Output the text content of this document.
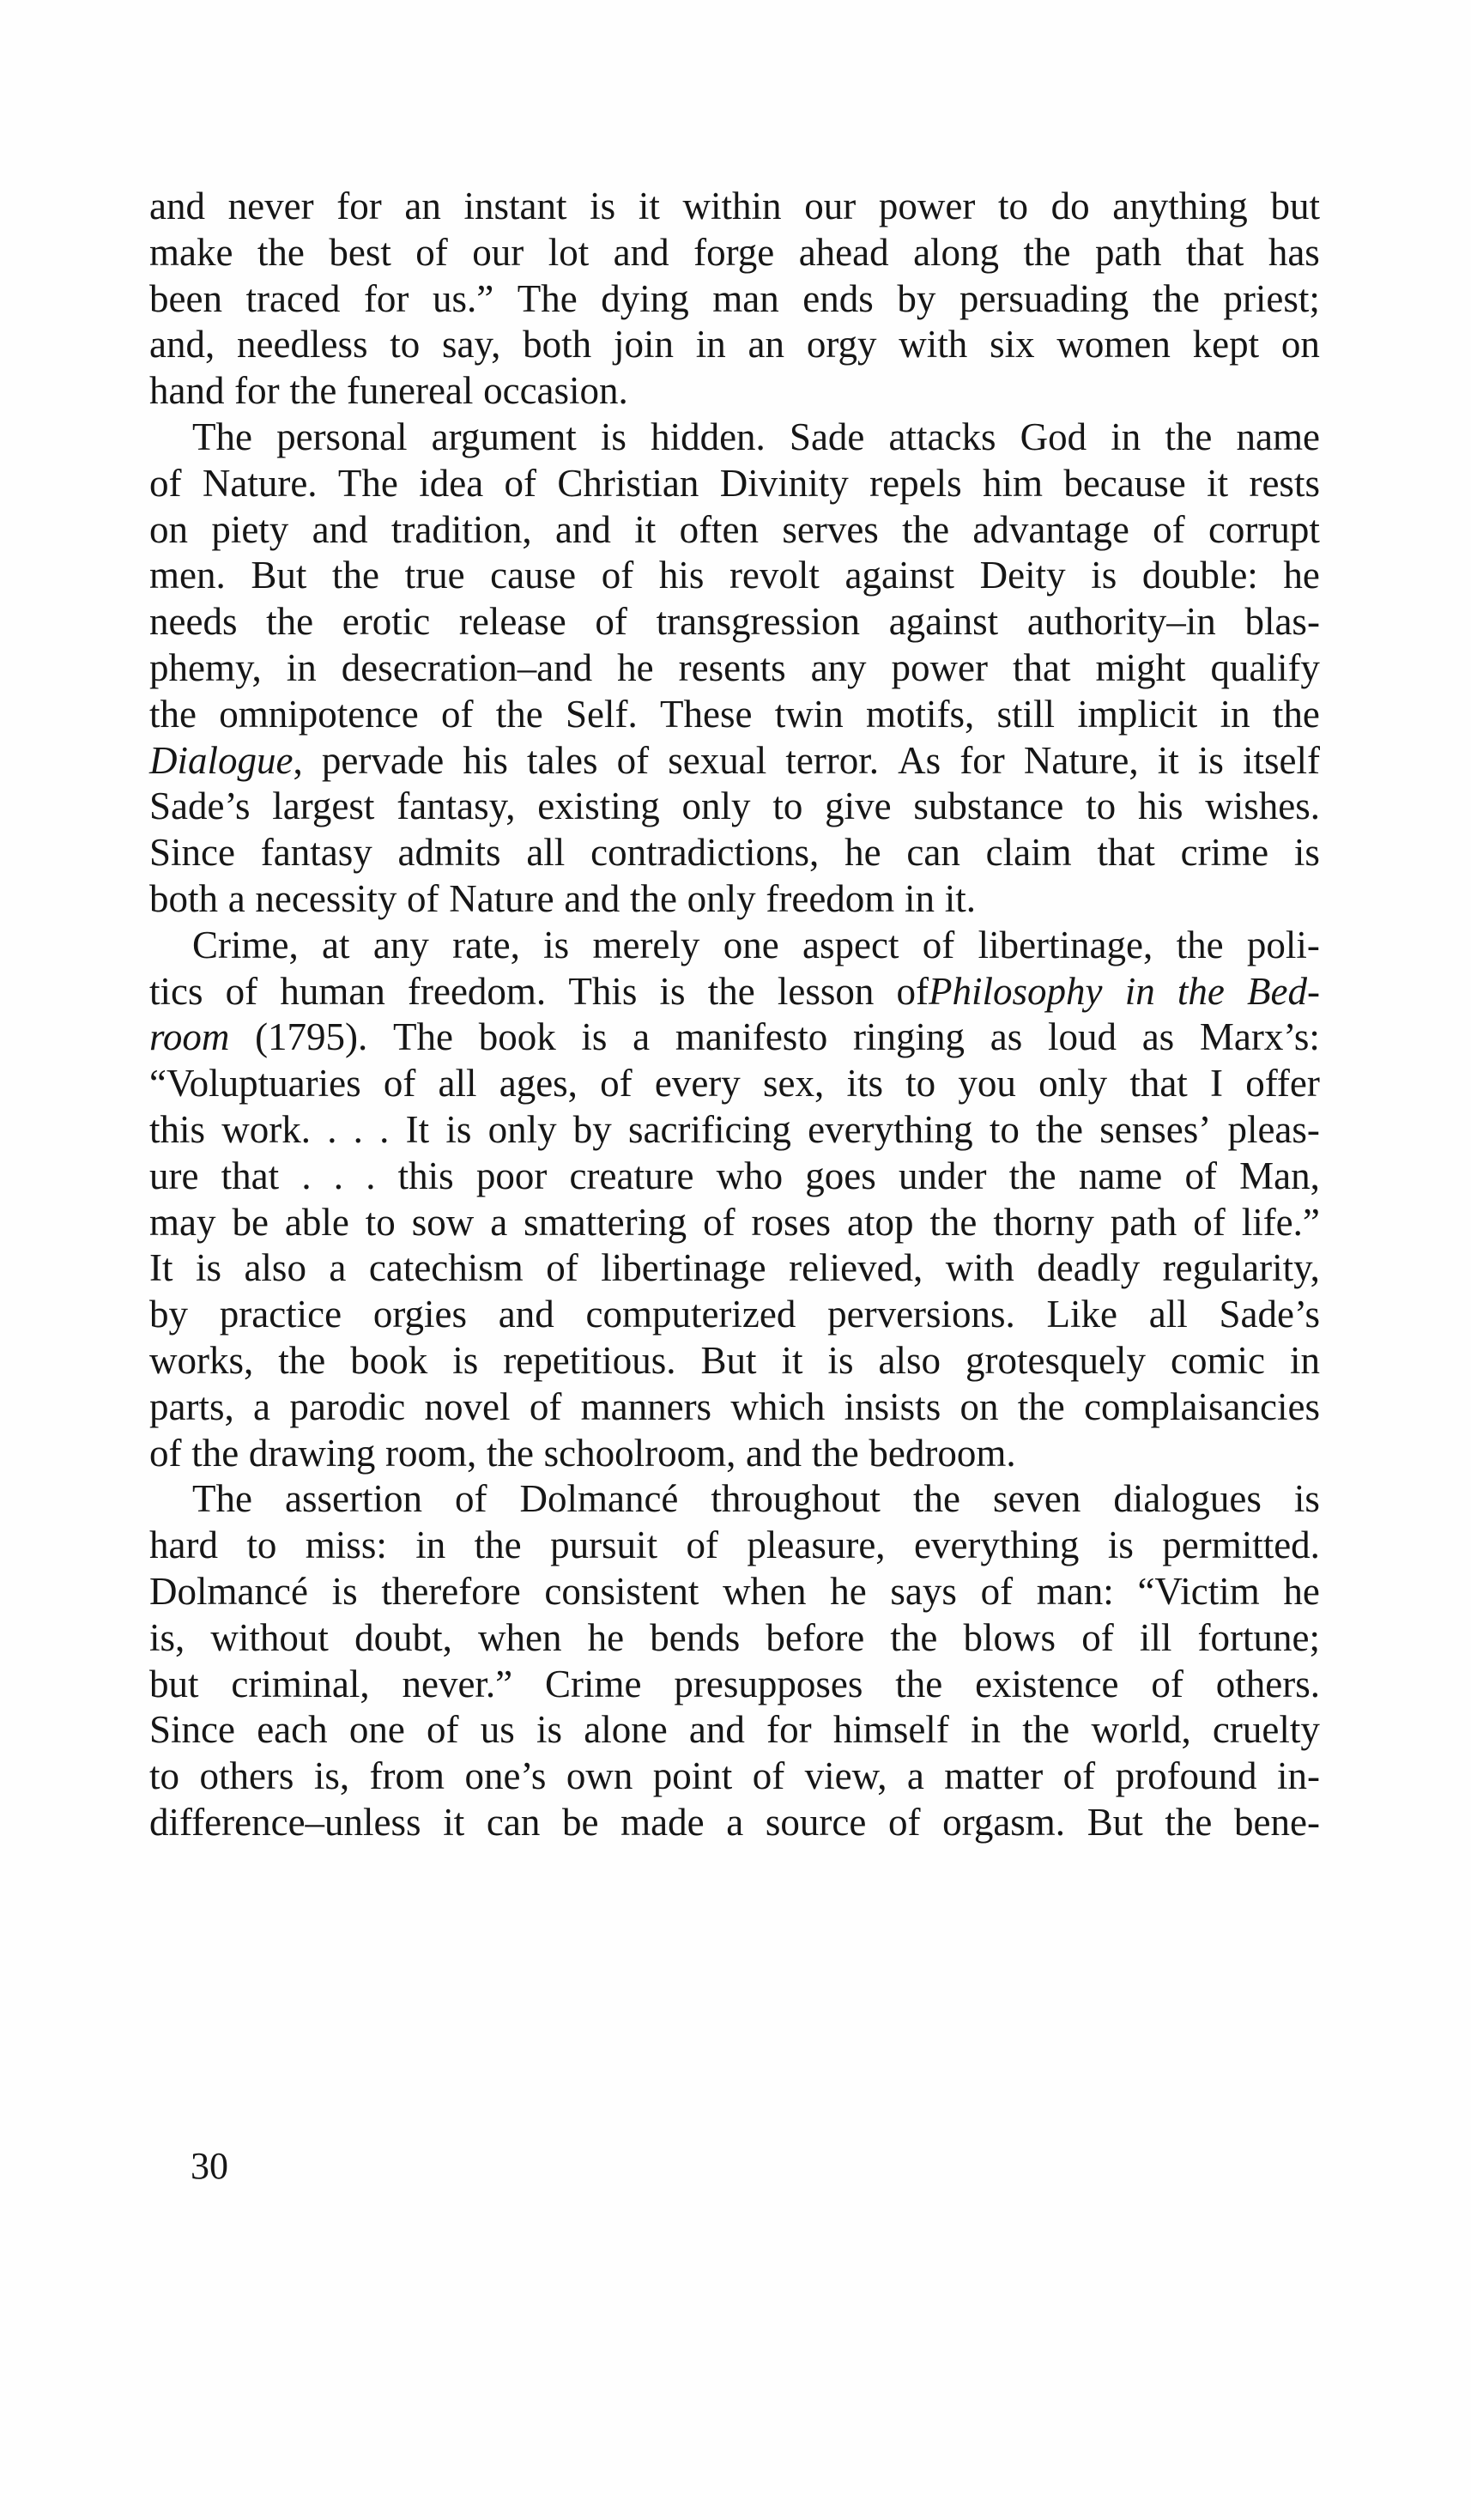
and never for an instant is it within our power to do anything but
make the best of our lot and forge ahead along the path that has
been traced for us.” The dying man ends by persuading the priest;
and, needless to say, both join in an orgy with six women kept on
hand for the funereal occasion.
The personal argument is hidden. Sade attacks God in the name
of Nature. The idea of Christian Divinity repels him because it rests
on piety and tradition, and it often serves the advantage of corrupt
men. But the true cause of his revolt against Deity is double: he
needs the erotic release of transgression against authority–in blas-
phemy, in desecration–and he resents any power that might qualify
the omnipotence of the Self. These twin motifs, still implicit in the
Dialogue, pervade his tales of sexual terror. As for Nature, it is itself
Sade’s largest fantasy, existing only to give substance to his wishes.
Since fantasy admits all contradictions, he can claim that crime is
both a necessity of Nature and the only freedom in it.
Crime, at any rate, is merely one aspect of libertinage, the poli-
tics of human freedom. This is the lesson ofPhilosophy in the Bed-
room (1795). The book is a manifesto ringing as loud as Marx’s:
“Voluptuaries of all ages, of every sex, its to you only that I offer
this work. . . . It is only by sacrificing everything to the senses’ pleas-
ure that . . . this poor creature who goes under the name of Man,
may be able to sow a smattering of roses atop the thorny path of life.”
It is also a catechism of libertinage relieved, with deadly regularity,
by practice orgies and computerized perversions. Like all Sade’s
works, the book is repetitious. But it is also grotesquely comic in
parts, a parodic novel of manners which insists on the complaisancies
of the drawing room, the schoolroom, and the bedroom.
The assertion of Dolmancé throughout the seven dialogues is
hard to miss: in the pursuit of pleasure, everything is permitted.
Dolmancé is therefore consistent when he says of man: “Victim he
is, without doubt, when he bends before the blows of ill fortune;
but criminal, never.” Crime presupposes the existence of others.
Since each one of us is alone and for himself in the world, cruelty
to others is, from one’s own point of view, a matter of profound in-
difference–unless it can be made a source of orgasm. But the bene-
30
